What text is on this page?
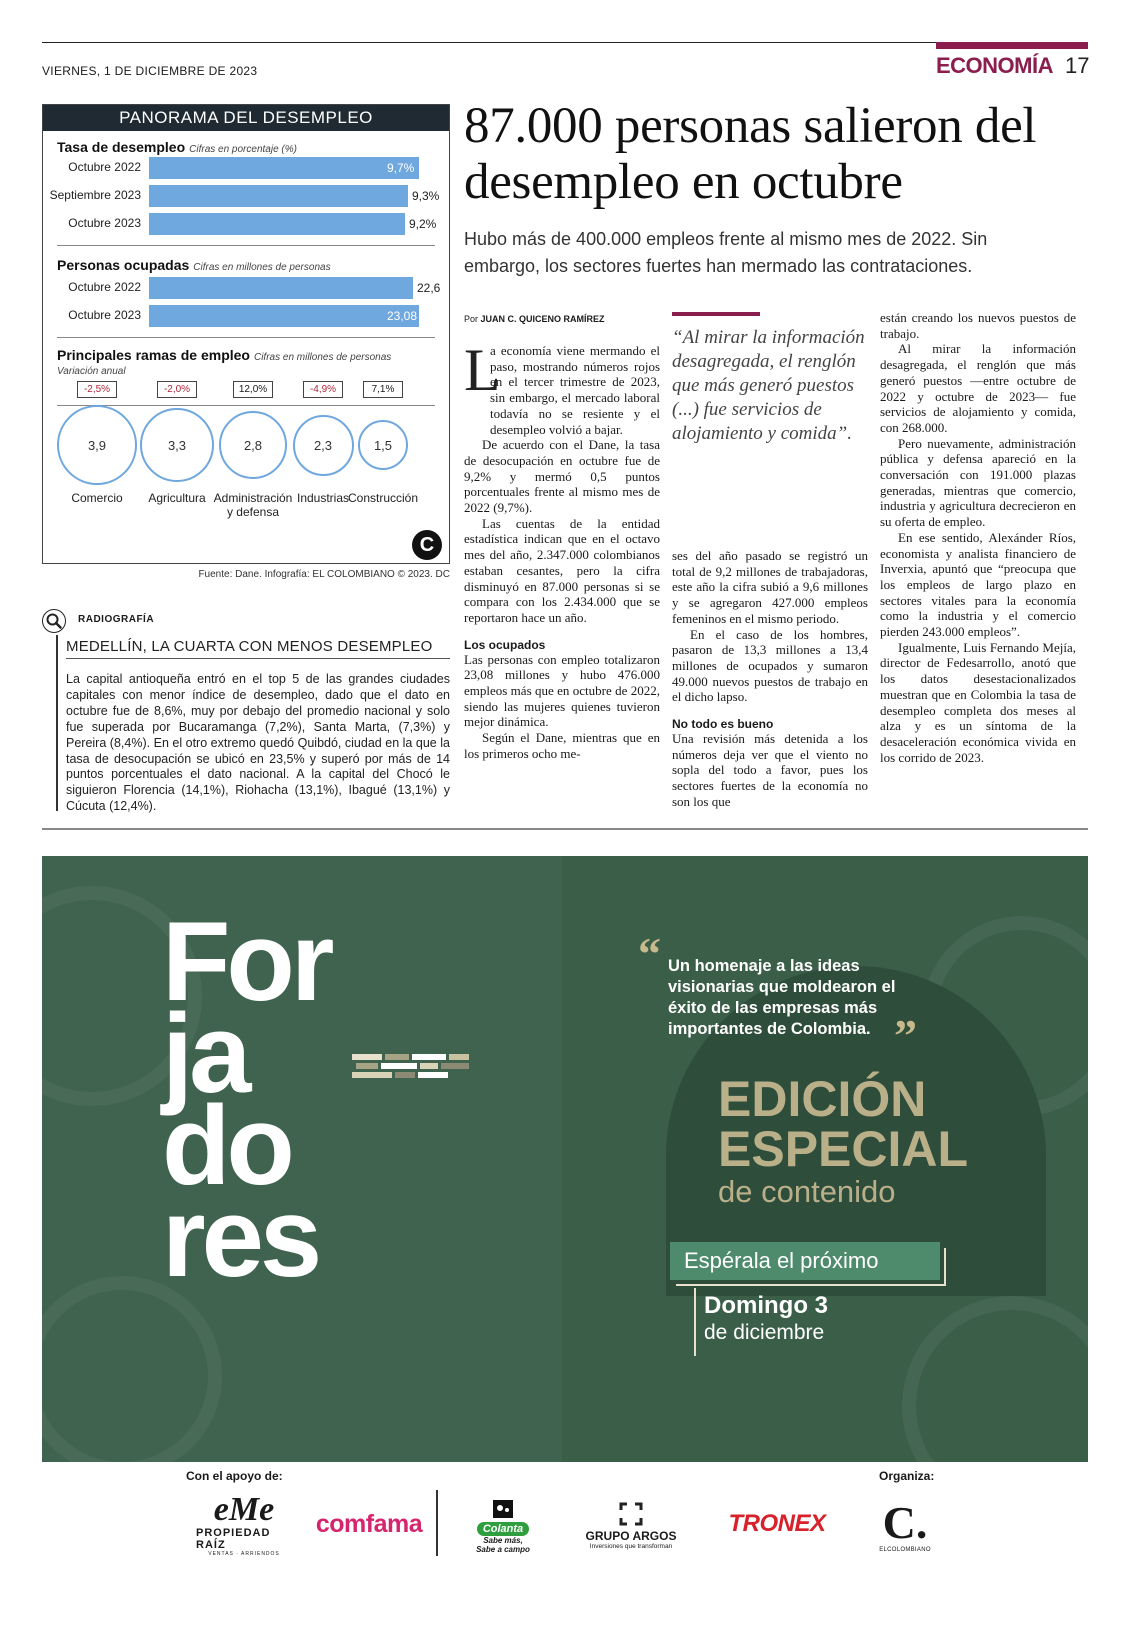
VIERNES, 1 DE DICIEMBRE DE 2023	ECONOMÍA 17
PANORAMA DEL DESEMPLEO
Tasa de desempleo Cifras en porcentaje (%)
Octubre 2022	9,7%
Septiembre 2023	9,3%
Octubre 2023	9,2%
Personas ocupadas Cifras en millones de personas
Octubre 2022	22,6
Octubre 2023	23,08
Principales ramas de empleo Cifras en millones de personas
Variación anual
-2,5%
3,9
Comercio
-2,0%
3,3
Agricultura
12,0%
2,8
Administración y defensa
-4,9%
2,3
Industrias
7,1%
1,5
Construcción
C
Fuente: Dane. Infografía: EL COLOMBIANO © 2023. DC
RADIOGRAFÍA
MEDELLÍN, LA CUARTA CON MENOS DESEMPLEO
La capital antioqueña entró en el top 5 de las grandes ciudades capitales con menor índice de desempleo, dado que el dato en octubre fue de 8,6%, muy por debajo del promedio nacional y solo fue superada por Bucaramanga (7,2%), Santa Marta, (7,3%) y Pereira (8,4%). En el otro extremo quedó Quibdó, ciudad en la que la tasa de desocupación se ubicó en 23,5% y superó por más de 14 puntos porcentuales el dato nacional. A la capital del Chocó le siguieron Florencia (14,1%), Riohacha (13,1%), Ibagué (13,1%) y Cúcuta (12,4%).
87.000 personas salieron del desempleo en octubre
Hubo más de 400.000 empleos frente al mismo mes de 2022. Sin embargo, los sectores fuertes han mermado las contrataciones.
Por JUAN C. QUICENO RAMÍREZ
L

a economía viene mermando el paso, mostrando números rojos en el tercer trimestre de 2023, sin embargo, el mercado laboral todavía no se resiente y el desempleo volvió a bajar.

De acuerdo con el Dane, la tasa de desocupación en octubre fue de 9,2% y mermó 0,5 puntos porcentuales frente al mismo mes de 2022 (9,7%).

Las cuentas de la entidad estadística indican que en el octavo mes del año, 2.347.000 colombianos estaban cesantes, pero la cifra disminuyó en 87.000 personas si se compara con los 2.434.000 que se reportaron hace un año.

Los ocupados

Las personas con empleo totalizaron 23,08 millones y hubo 476.000 empleos más que en octubre de 2022, siendo las mujeres quienes tuvieron mejor dinámica.

Según el Dane, mientras que en los primeros ocho me-

“Al mirar la información desagregada, el renglón que más generó puestos (...) fue servicios de alojamiento y comida”.

ses del año pasado se registró un total de 9,2 millones de trabajadoras, este año la cifra subió a 9,6 millones y se agregaron 427.000 empleos femeninos en el mismo periodo.

En el caso de los hombres, pasaron de 13,3 millones a 13,4 millones de ocupados y sumaron 49.000 nuevos puestos de trabajo en el dicho lapso.

No todo es bueno

Una revisión más detenida a los números deja ver que el viento no sopla del todo a favor, pues los sectores fuertes de la economía no son los que

están creando los nuevos puestos de trabajo.

Al mirar la información desagregada, el renglón que más generó puestos —entre octubre de 2022 y octubre de 2023— fue servicios de alojamiento y comida, con 268.000.

Pero nuevamente, administración pública y defensa apareció en la conversación con 191.000 plazas generadas, mientras que comercio, industria y agricultura decrecieron en su oferta de empleo.

En ese sentido, Alexánder Ríos, economista y analista financiero de Inverxia, apuntó que “preocupa que los empleos de largo plazo en sectores vitales para la economía como la industria y el comercio pierden 243.000 empleos”.

Igualmente, Luis Fernando Mejía, director de Fedesarrollo, anotó que los datos desestacionalizados muestran que en Colombia la tasa de desempleo completa dos meses al alza y es un síntoma de la desaceleración económica vivida en los corrido de 2023.

For
ja
do
res
“ Un homenaje a las ideas visionarias que moldearon el éxito de las empresas más importantes de Colombia. ”
EDICIÓN
ESPECIAL
de contenido
Espérala el próximo
Domingo 3
de diciembre
Con el apoyo de:	Organiza:
eMe
PROPIEDAD RAÍZ
VENTAS · ARRIENDOS
comfama	Colanta
Sabe más,
Sabe a campo
GRUPO ARGOS
Inversiones que transforman
TRONEX C.
ELCOLOMBIANO
